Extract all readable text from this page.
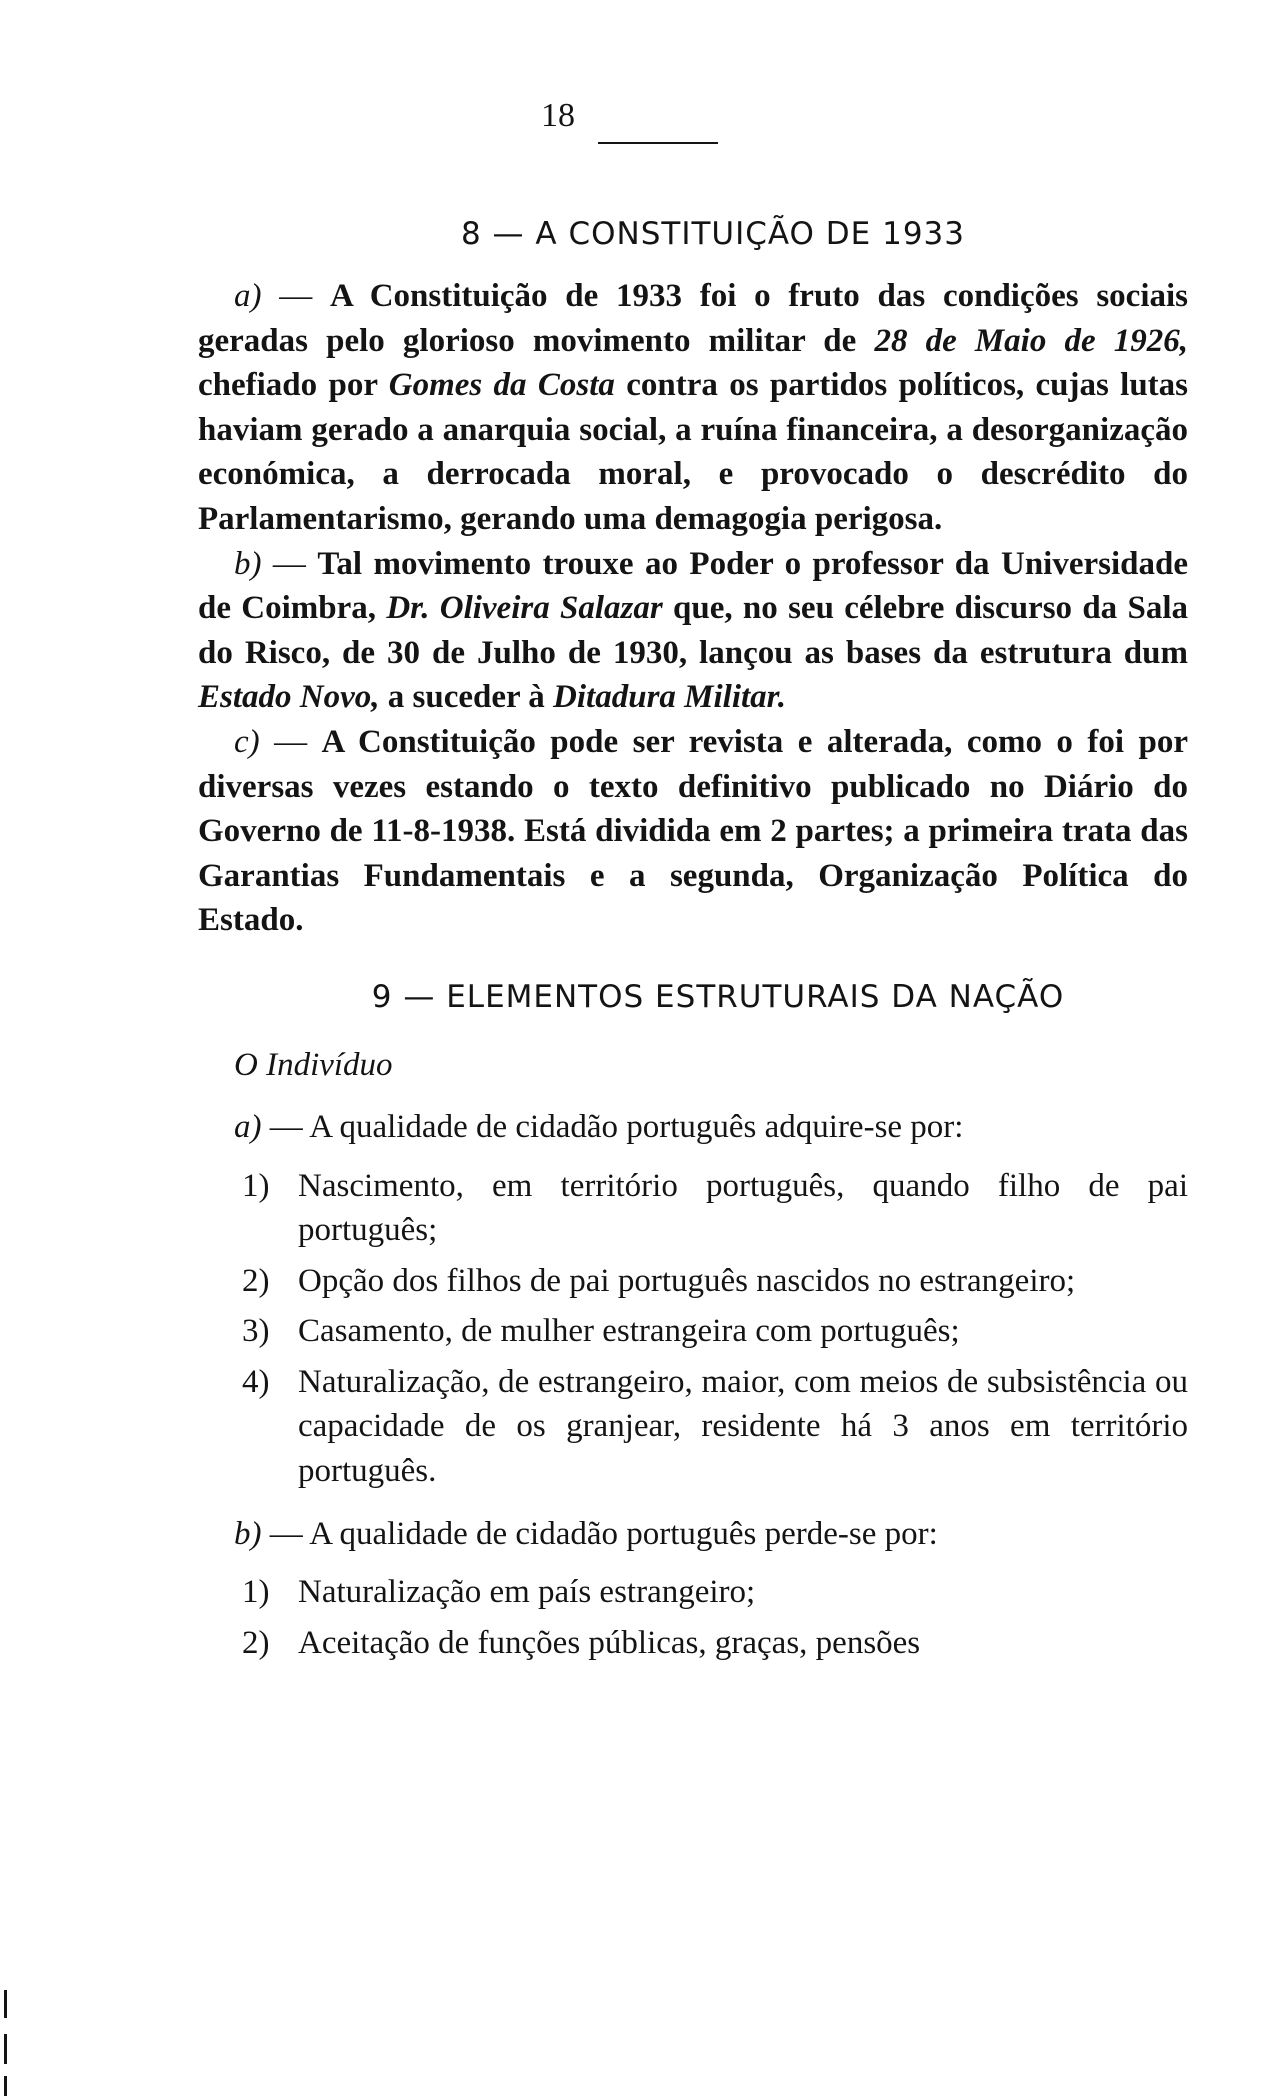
18
8 — A CONSTITUIÇÃO DE 1933

a) — A Constituição de 1933 foi o fruto das condições sociais geradas pelo glorioso movimento militar de 28 de Maio de 1926, chefiado por Gomes da Costa contra os partidos políticos, cujas lutas haviam gerado a anarquia social, a ruína financeira, a desorganização económica, a derrocada moral, e provocado o descrédito do Parlamentarismo, gerando uma demagogia perigosa.

b) — Tal movimento trouxe ao Poder o professor da Universidade de Coimbra, Dr. Oliveira Salazar que, no seu célebre discurso da Sala do Risco, de 30 de Julho de 1930, lançou as bases da estrutura dum Estado Novo, a suceder à Ditadura Militar.

c) — A Constituição pode ser revista e alterada, como o foi por diversas vezes estando o texto definitivo publicado no Diário do Governo de 11-8-1938. Está dividida em 2 partes; a primeira trata das Garantias Fundamentais e a segunda, Organização Política do Estado.

9 — ELEMENTOS ESTRUTURAIS DA NAÇÃO
O Indivíduo

a) — A qualidade de cidadão português adquire-se por:

1) Nascimento, em território português, quando filho de pai português;
2) Opção dos filhos de pai português nascidos no estrangeiro;
3) Casamento, de mulher estrangeira com português;
4) Naturalização, de estrangeiro, maior, com meios de subsistência ou capacidade de os granjear, residente há 3 anos em território português.

b) — A qualidade de cidadão português perde-se por:

1) Naturalização em país estrangeiro;
2) Aceitação de funções públicas, graças, pensões
